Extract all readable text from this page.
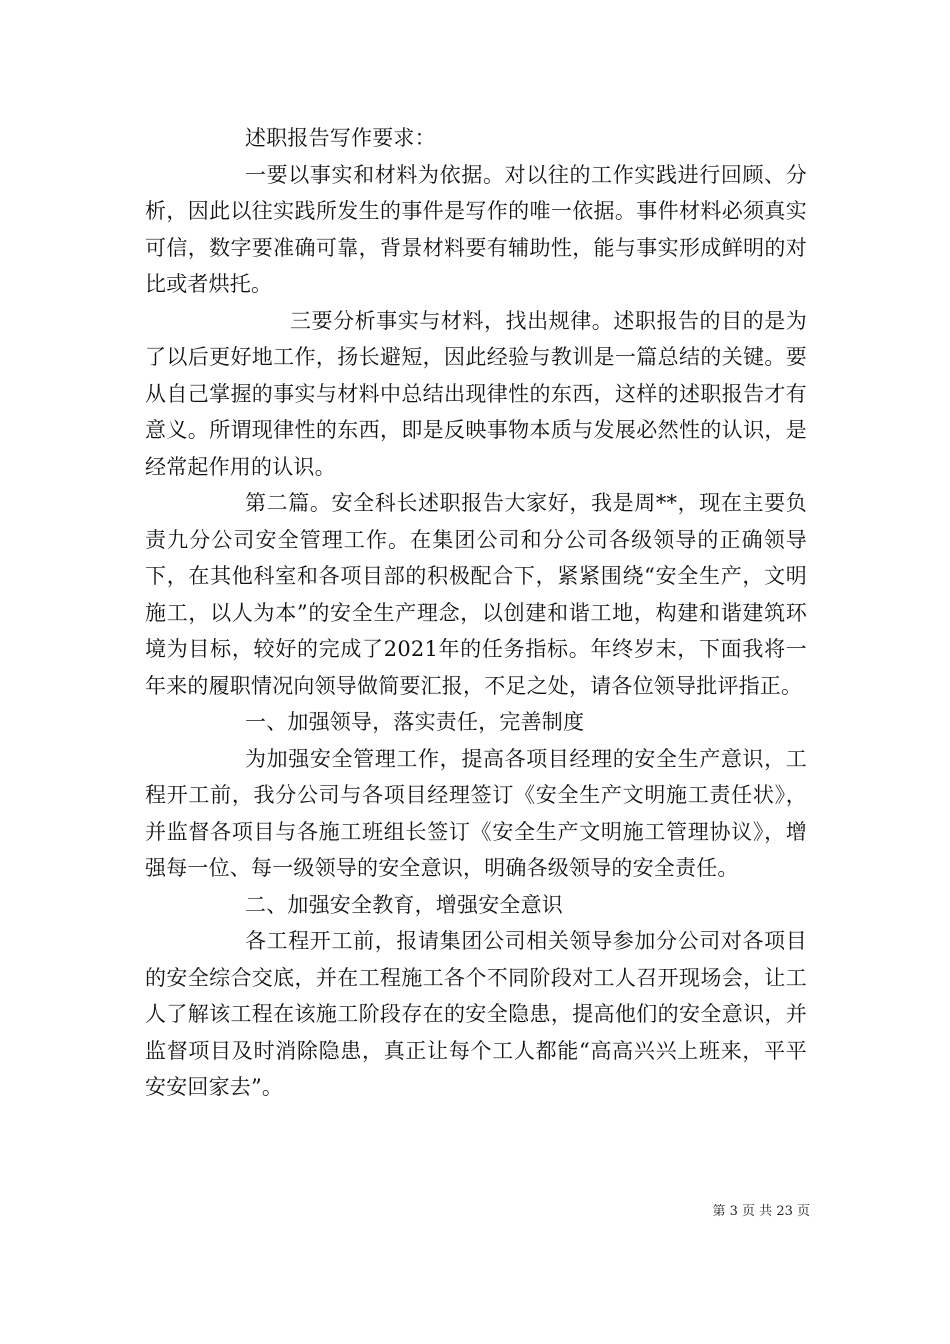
述职报告写作要求：

一要以事实和材料为依据。对以往的工作实践进行回顾、分析，因此以往实践所发生的事件是写作的唯一依据。事件材料必须真实可信，数字要准确可靠，背景材料要有辅助性，能与事实形成鲜明的对比或者烘托。

三要分析事实与材料，找出规律。述职报告的目的是为了以后更好地工作，扬长避短，因此经验与教训是一篇总结的关键。要从自己掌握的事实与材料中总结出现律性的东西，这样的述职报告才有意义。所谓现律性的东西，即是反映事物本质与发展必然性的认识，是经常起作用的认识。

第二篇。安全科长述职报告大家好，我是周**，现在主要负责九分公司安全管理工作。在集团公司和分公司各级领导的正确领导下，在其他科室和各项目部的积极配合下，紧紧围绕“安全生产，文明施工，以人为本”的安全生产理念，以创建和谐工地，构建和谐建筑环境为目标，较好的完成了2021年的任务指标。年终岁末，下面我将一年来的履职情况向领导做简要汇报，不足之处，请各位领导批评指正。

一、加强领导，落实责任，完善制度

为加强安全管理工作，提高各项目经理的安全生产意识，工程开工前，我分公司与各项目经理签订《安全生产文明施工责任状》，并监督各项目与各施工班组长签订《安全生产文明施工管理协议》，增强每一位、每一级领导的安全意识，明确各级领导的安全责任。

二、加强安全教育，增强安全意识

各工程开工前，报请集团公司相关领导参加分公司对各项目的安全综合交底，并在工程施工各个不同阶段对工人召开现场会，让工人了解该工程在该施工阶段存在的安全隐患，提高他们的安全意识，并监督项目及时消除隐患，真正让每个工人都能“高高兴兴上班来，平平安安回家去”。

第 3 页 共 23 页
